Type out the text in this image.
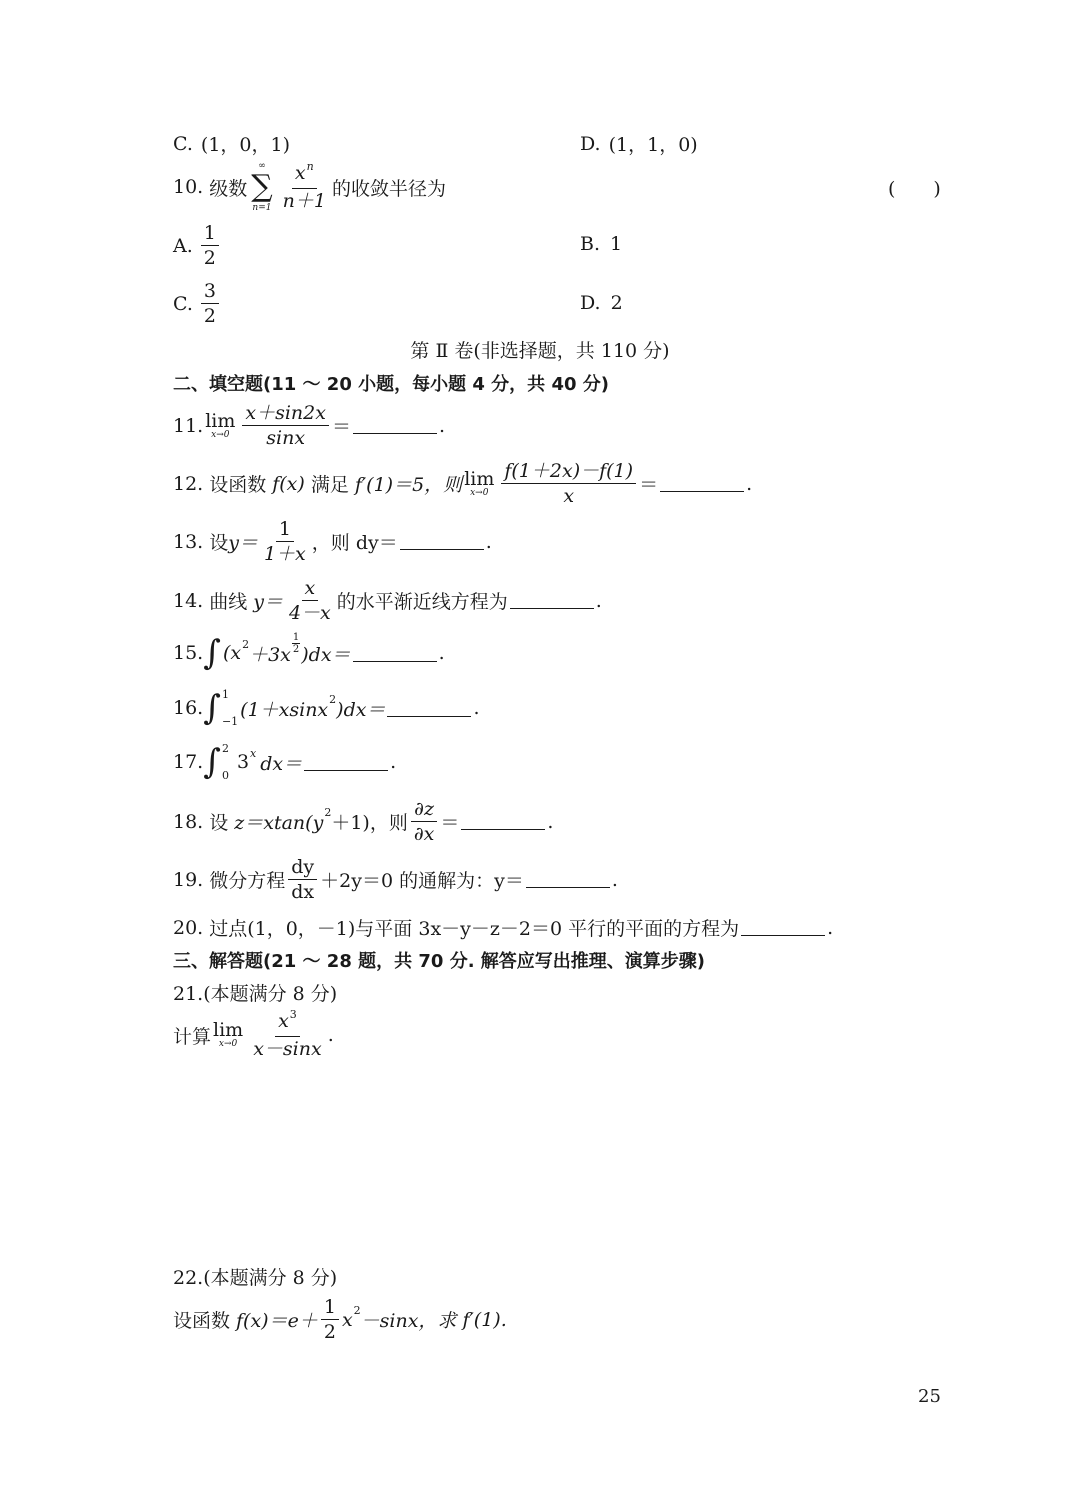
C. (1，0，1)	D. (1，1，0)
10. 级数
∞
∑
$n=1 \frac{x^n}{n+1}$ 的收敛半径为	(　　)
A. $\frac{1}{2}$	B. 1
C. $\frac{3}{2}$	D. 2
第 Ⅱ 卷(非选择题，共 110 分)
二、填空题(11 ～ 20 小题，每小题 4 分，共 40 分)
11. lim
$x\to 0 \frac{x+\sin 2x}{\sin x}$ ＝	.
12. 设函数 f(x) 满足 f′(1)＝5，则 lim
$x\to 0 \frac{f(1+2x)-f(1)}{x}$ ＝	.
13. 设 $y= \frac{1}{1+x}$ ，则 dy＝	.
14. 曲线 $y= \frac{x}{4-x}$ 的水平渐近线方程为	.
15. ∫ (x $2 +3x \frac{1}{2} )dx=$	.
16. ∫ 1
−1
(1＋xsinx 2 )dx＝	.
17. ∫ 2
0
3 x dx＝	.
18. 设 z＝xtan(y 2 ＋1)，则 $\frac{\partial z}{\partial x}$ ＝	.
19. 微分方程 $\frac{dy}{dx} +2y=0$ 的通解为：y＝	.
20. 过点(1，0，－1)与平面 3x－y－z－2＝0 平行的平面的方程为	.
三、解答题(21 ～ 28 题，共 70 分. 解答应写出推理、演算步骤)
21.(本题满分 8 分)
计算 lim
$x\to 0 \frac{x^3}{x-\sin x}$ .
22.(本题满分 8 分)
设函数 $f(x)=e+ \frac{1}{2}$ x 2 －sinx，求 f′(1).
25
